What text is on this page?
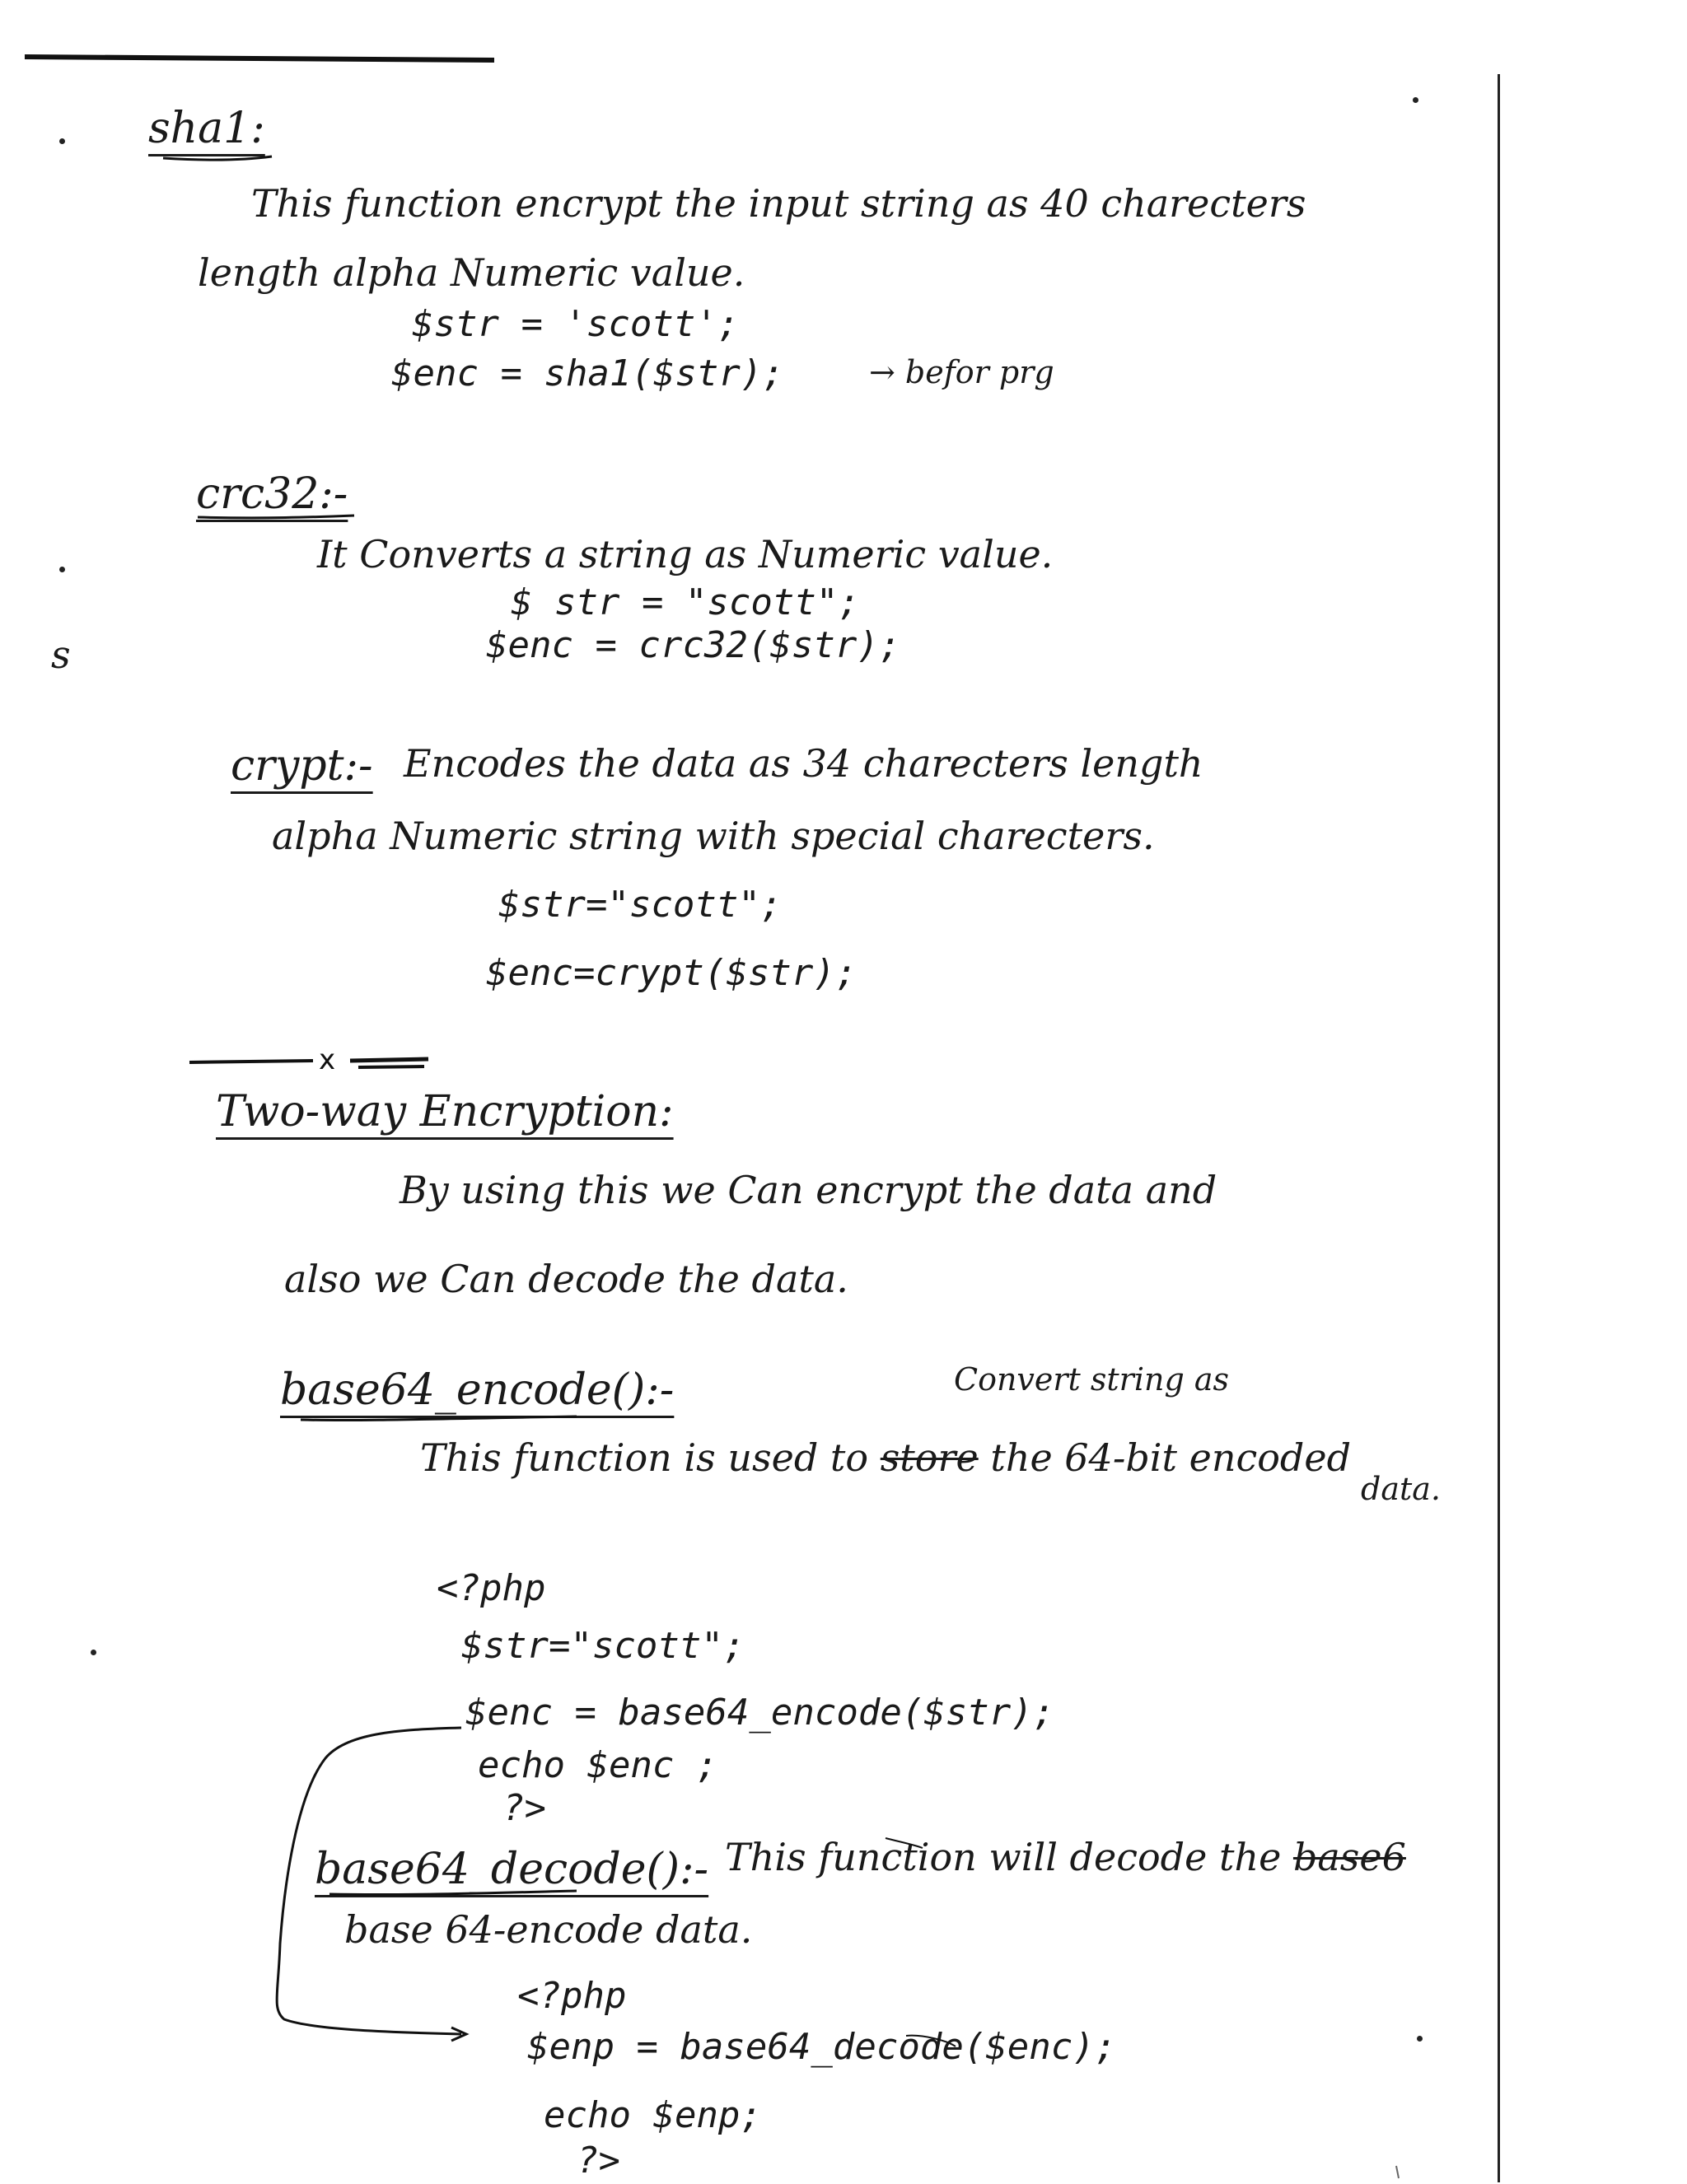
sha1:
This function encrypt the input string as 40 charecters
length alpha Numeric value.
$str = 'scott';
$enc = sha1($str);	→ befor prg
crc32:-
It Converts a string as Numeric value.
$ str = "scott";
$enc = crc32($str);
s
crypt:- Encodes the data as 34 charecters length
alpha Numeric string with special charecters.
$str="scott";
$enc=crypt($str);
x
Two-way Encryption:
By using this we Can encrypt the data and
also we Can decode the data.
base64_encode():-	Convert string as
This function is used to store the 64-bit encoded
data.
<?php
$str="scott";
$enc = base64_encode($str);
echo $enc ;
?>
base64_decode():- This function will decode the base6
base 64-encode data.
<?php
$enp = base64_decode($enc);
echo $enp;
?>
